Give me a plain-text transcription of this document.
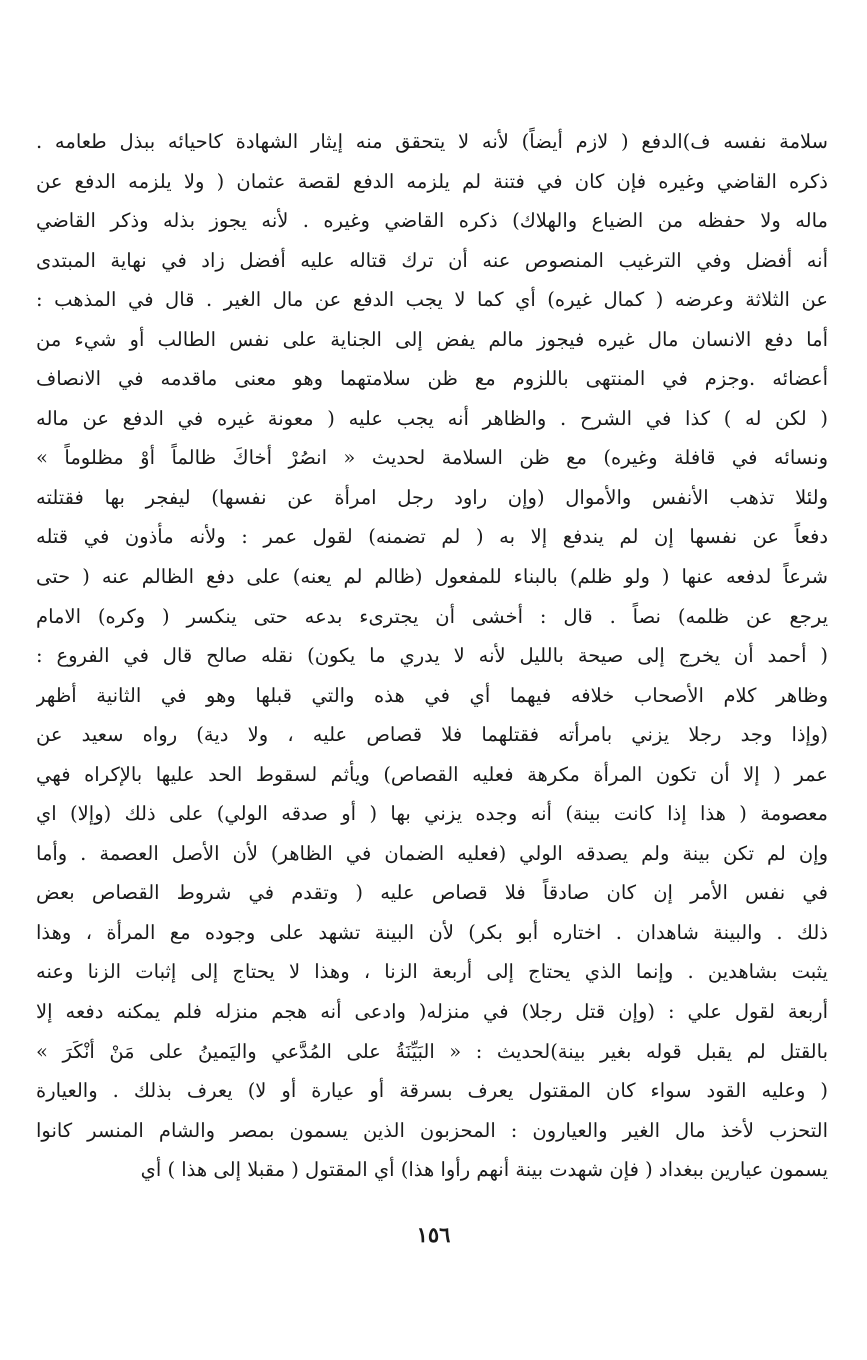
سلامة نفسه ف)الدفع ( لازم أيضاً) لأنه لا يتحقق منه إيثار الشهادة كاحيائه ببذل طعامه .
ذكره القاضي وغيره فإن كان في فتنة لم يلزمه الدفع لقصة عثمان ( ولا يلزمه الدفع عن
ماله ولا حفظه من الضياع والهلاك) ذكره القاضي وغيره . لأنه يجوز بذله وذكر القاضي
أنه أفضل وفي الترغيب المنصوص عنه أن ترك قتاله عليه أفضل زاد في نهاية المبتدى
عن الثلاثة وعرضه ( كمال غيره) أي كما لا يجب الدفع عن مال الغير . قال في المذهب :
أما دفع الانسان مال غيره فيجوز مالم يفض إلى الجناية على نفس الطالب أو شيء من
أعضائه .وجزم في المنتهى باللزوم مع ظن سلامتهما وهو معنى ماقدمه في الانصاف
( لكن له ) كذا في الشرح . والظاهر أنه يجب عليه ( معونة غيره في الدفع عن ماله
ونسائه في قافلة وغيره) مع ظن السلامة لحديث « انصُرْ أخاكَ ظالماً أوْ مظلوماً »
ولئلا تذهب الأنفس والأموال (وإن راود رجل امرأة عن نفسها) ليفجر بها فقتلته
دفعاً عن نفسها إن لم يندفع إلا به ( لم تضمنه) لقول عمر : ولأنه مأذون في قتله
شرعاً لدفعه عنها ( ولو ظلم) بالبناء للمفعول (ظالم لم يعنه) على دفع الظالم عنه ( حتى
يرجع عن ظلمه) نصاً . قال : أخشى أن يجترىء بدعه حتى ينكسر ( وكره) الامام
( أحمد أن يخرج إلى صيحة بالليل لأنه لا يدري ما يكون) نقله صالح قال في الفروع :
وظاهر كلام الأصحاب خلافه فيهما أي في هذه والتي قبلها وهو في الثانية أظهر
(وإذا وجد رجلا يزني بامرأته فقتلهما فلا قصاص عليه ، ولا دية) رواه سعيد عن
عمر ( إلا أن تكون المرأة مكرهة فعليه القصاص) ويأثم لسقوط الحد عليها بالإكراه فهي
معصومة ( هذا إذا كانت بينة) أنه وجده يزني بها ( أو صدقه الولي) على ذلك (وإلا) اي
وإن لم تكن بينة ولم يصدقه الولي (فعليه الضمان في الظاهر) لأن الأصل العصمة . وأما
في نفس الأمر إن كان صادقاً فلا قصاص عليه ( وتقدم في شروط القصاص بعض
ذلك . والبينة شاهدان . اختاره أبو بكر) لأن البينة تشهد على وجوده مع المرأة ، وهذا
يثبت بشاهدين . وإنما الذي يحتاج إلى أربعة الزنا ، وهذا لا يحتاج إلى إثبات الزنا وعنه
أربعة لقول علي : (وإن قتل رجلا) في منزله( وادعى أنه هجم منزله فلم يمكنه دفعه إلا
بالقتل لم يقبل قوله بغير بينة)لحديث : « البَيِّنَةُ على المُدَّعي واليَمينُ على مَنْ أنْكَرَ »
( وعليه القود سواء كان المقتول يعرف بسرقة أو عيارة أو لا) يعرف بذلك . والعيارة
التحزب لأخذ مال الغير والعيارون : المحزبون الذين يسمون بمصر والشام المنسر كانوا
يسمون عيارين ببغداد ( فإن شهدت بينة أنهم رأوا هذا) أي المقتول ( مقبلا إلى هذا ) أي
١٥٦
